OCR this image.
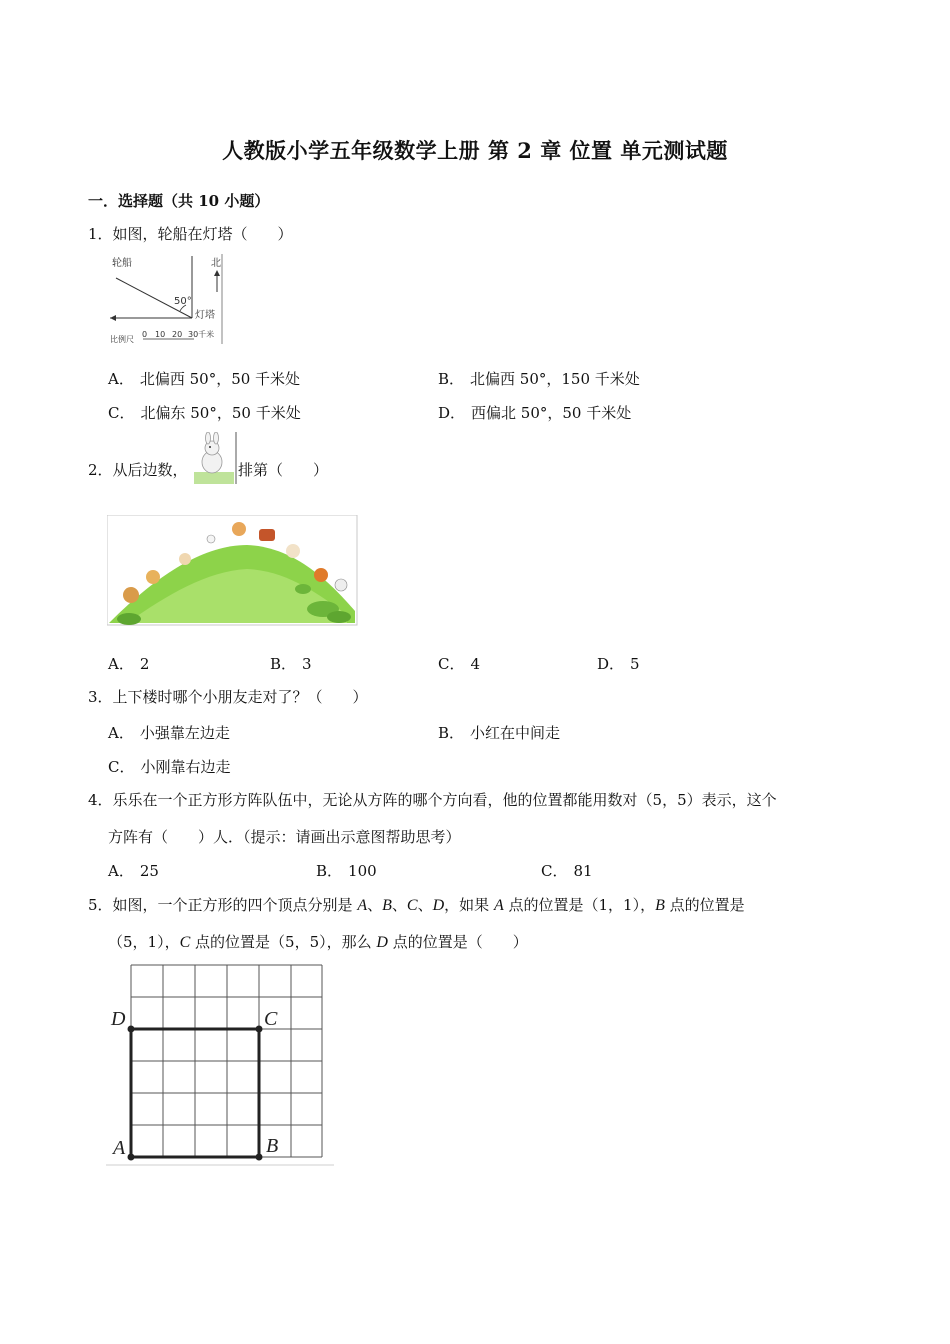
人教版小学五年级数学上册 第 2 章 位置 单元测试题
一．选择题（共 10 小题）
1．如图，轮船在灯塔（　　）
轮船
50°
灯塔
北
比例尺
0 10 20 30千米
A． 北偏西 50°，50 千米处	B． 北偏西 50°，150 千米处
C． 北偏东 50°，50 千米处	D． 西偏北 50°，50 千米处
2．从后边数，	排第（　　）
A． 2	B． 3	C． 4	D． 5
3．上下楼时哪个小朋友走对了？（　　）
A． 小强靠左边走	B． 小红在中间走
C． 小刚靠右边走
4．乐乐在一个正方形方阵队伍中，无论从方阵的哪个方向看，他的位置都能用数对（5，5）表示，这个
方阵有（　　）人．（提示：请画出示意图帮助思考）
A． 25	B． 100	C． 81
5．如图，一个正方形的四个顶点分别是 A、B、C、D，如果 A 点的位置是（1，1），B 点的位置是
（5，1），C 点的位置是（5，5），那么 D 点的位置是（　　）
A	B
C
D
